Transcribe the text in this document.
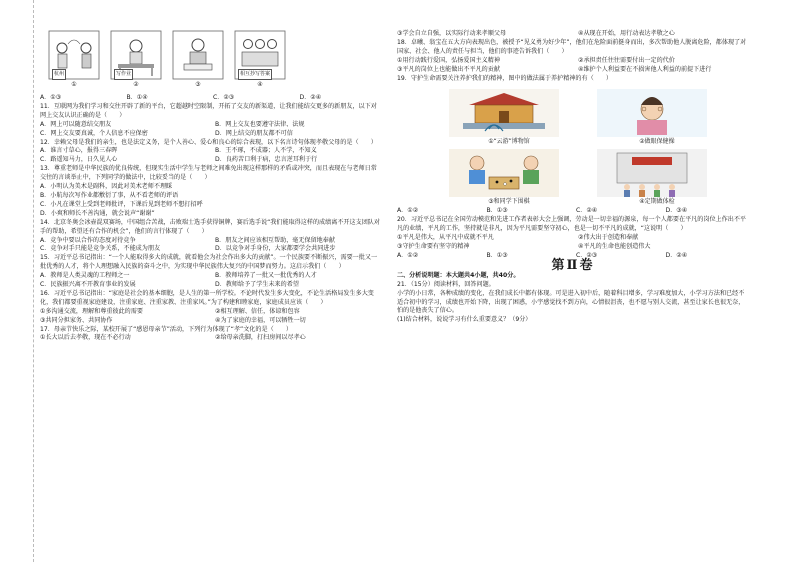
杭州
①
写作业
②	③
相互抄写答案
④
A．①③	B．①④	C．②③	D．②④

11．互联网为我们学习和交往开辟了新的平台，它超越时空限制，开拓了交友的新渠道，让我们能结交更多的新朋友，以下对网上交友认识正确的是（　　）

A．网上可以随意结交朋友	B．网上交友也要遵守法律、法规
C．网上交友要真诚，个人信息不应保密	D．网上结交的朋友都不可信

12．幸赖父母是我们的亲生，也是法定义务，是个人善心、爱心和良心的综合表现，以下名言诗句体现孝敬父母的是（　　）

A．谁言寸草心，报得三春晖	B．王不琢，不成器；人不学，不知义
C．路遥知马力，日久见人心	D．良药苦口利于病，忠言逆耳利于行

13．尊重老师是中华民族的优良传统，但现实生活中学生与老师之间难免出现这样那样的矛盾或冲突，而且表现在与老师日常交往的言谈举止中，下列同学的做法中，比较妥当的是（　　）

A．小明认为美术是副科，因此对美术老师不理睬

B．小航每次写作业都敷衍了事，从不看老师的评语

C．小凡在课堂上受到老师批评，下课后见到老师不想打招呼

D．小爽和师长不善沟通，就会说声“谢谢”

14．北京冬奥会冰壶混双赛场，中国组合苦战，击败瑞士选手获得铜牌，赛后选手说“我们能取得这样的成绩离不开这支团队对手的帮助，希望还有合作的机会”，他们的言行体现了（　　）

A．竞争中要以合作的态度对待竞争	B．朋友之间应该相互帮助，毫无保留地奉献
C．竞争对手只能是竞争关系，不能成为朋友	D．以竞争对手身份，大家都要学会共同进步

15．习近平总书记指出：“一个人能取得多大的成就，就看他会为社会作出多大的贡献”。一个民族要不断振兴，需要一批又一批优秀的人才，将个人理想融入民族的奋斗之中，为实现中华民族伟大复兴的中国梦而努力。这启示我们（　　）

A．教师是人类灵魂的工程师之一	B．教师培养了一批又一批优秀的人才
C．民族振兴离不开教育事业的发展	D．教师给予了学生未来的希望

16．习近平总书记指出：“家庭是社会的基本细胞，是人生的第一所学校。不论时代发生多大变化，不论生活格局发生多大变化，我们都要重视家庭建设，注重家庭、注重家教、注重家风。”为了构建和睦家庭，家庭成员应该（　　）

①多沟通交流，理解和尊重彼此的需要	②相互理解、信任，体谅和包容
③共同分担家务、共同协作	④为了家庭的幸福，可以牺牲一切

17．母亲节快乐之际，某校开展了“感恩母亲节”活动，下列行为体现了“孝”文化的是（　　）

①长大以后去孝敬，现在不必行动	②给母亲洗脚，打扫房间以尽孝心
③学会自立自强，以实际行动来孝顺父母	④从现在开始，用行动表达孝敬之心

18．卓曦、翁宝在五大方向表现出色，被授予“见义勇为好少年”，他们在危险面前挺身而出，多次帮助他人脱离危险，都体现了对国家、社会、他人的责任与担当，他们的事迹告诉我们（　　）

①用行动践行爱国，弘扬爱国主义精神	②承担责任往往需要付出一定的代价
③平凡的岗位上也能做出不平凡的贡献	④维护个人利益要在不损害他人利益的前提下进行

19．守护生命需要关注养护我们的精神，图中的做法属于养护精神的有（　　）

①“云游”博物馆	②做眼保健操
③和同学下围棋	④定期做体检
A．①②	B．①③	C．②④	D．③④

20．习近平总书记在全国劳动模范和先进工作者表彰大会上强调，劳动是一切幸福的源泉，每一个人都要在平凡的岗位上作出不平凡的业绩，平凡的工作，坚持就是非凡，因为平凡需要坚守初心，也是一切不平凡的成就，“这说明（　　）

①平凡是伟大，从平凡中成就不平凡	②伟大出于创造和奉献
③守护生命要有坚守的精神	④平凡的生命也能创造伟大
A．①②	B．①③	C．②③	D．②④
第Ⅱ卷

二、分析说明题：本大题共4小题，共40分。

21．（15分）阅读材料，回答问题。

小学的小日常，各种成绩的变化，在我们成长中都有体现。可是进入初中后，随着科目增多，学习难度加大，小学习方法和已经不适合初中的学习，成绩也开始下降，出现了困惑，小宇感觉找不到方向，心情很沮丧，也不愿与别人交流，甚至让家长也很无奈，怕的是他丧失了信心。

(1)结合材料，说说学习有什么重要意义？（9分）
